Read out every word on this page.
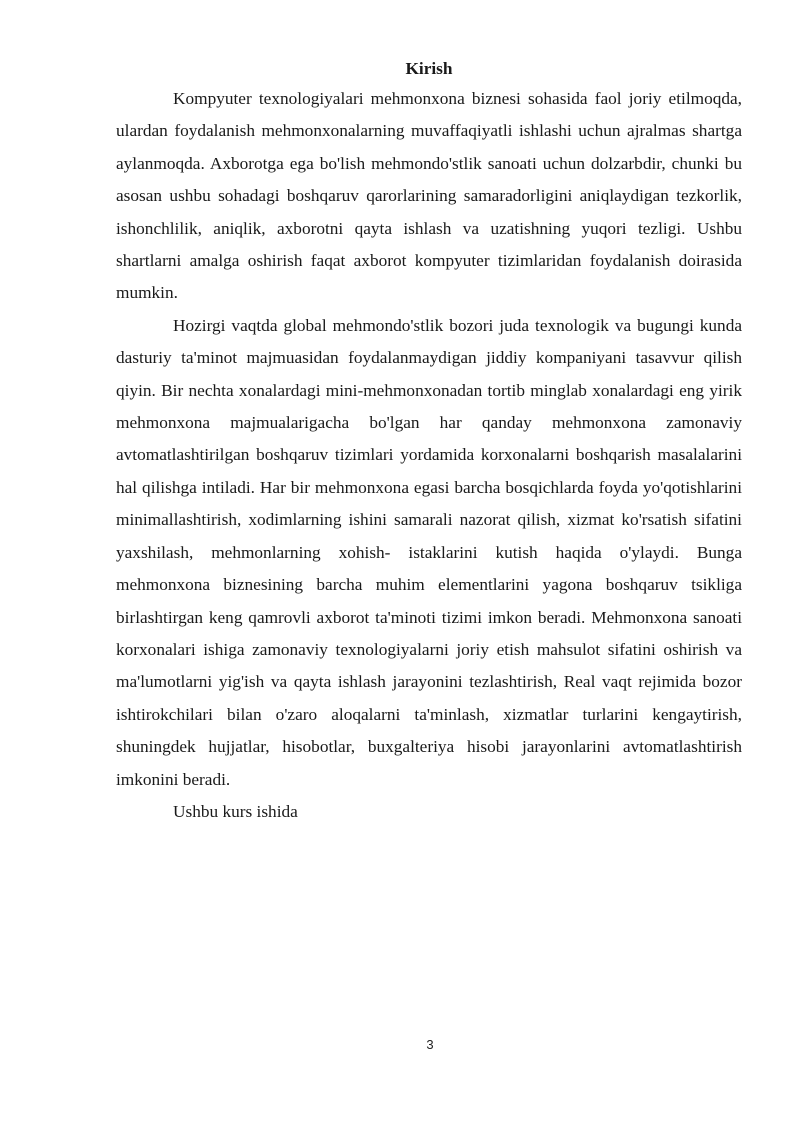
Kirish

Kompyuter texnologiyalari mehmonxona biznesi sohasida faol joriy etilmoqda, ulardan foydalanish mehmonxonalarning muvaffaqiyatli ishlashi uchun ajralmas shartga aylanmoqda. Axborotga ega bo'lish mehmondo'stlik sanoati uchun dolzarbdir, chunki bu asosan ushbu sohadagi boshqaruv qarorlarining samaradorligini aniqlaydigan tezkorlik, ishonchlilik, aniqlik, axborotni qayta ishlash va uzatishning yuqori tezligi. Ushbu shartlarni amalga oshirish faqat axborot kompyuter tizimlaridan foydalanish doirasida mumkin.

Hozirgi vaqtda global mehmondo'stlik bozori juda texnologik va bugungi kunda dasturiy ta'minot majmuasidan foydalanmaydigan jiddiy kompaniyani tasavvur qilish qiyin. Bir nechta xonalardagi mini-mehmonxonadan tortib minglab xonalardagi eng yirik mehmonxona majmualarigacha bo'lgan har qanday mehmonxona zamonaviy avtomatlashtirilgan boshqaruv tizimlari yordamida korxonalarni boshqarish masalalarini hal qilishga intiladi. Har bir mehmonxona egasi barcha bosqichlarda foyda yo'qotishlarini minimallashtirish, xodimlarning ishini samarali nazorat qilish, xizmat ko'rsatish sifatini yaxshilash, mehmonlarning xohish- istaklarini kutish haqida o'ylaydi. Bunga mehmonxona biznesining barcha muhim elementlarini yagona boshqaruv tsikliga birlashtirgan keng qamrovli axborot ta'minoti tizimi imkon beradi. Mehmonxona sanoati korxonalari ishiga zamonaviy texnologiyalarni joriy etish mahsulot sifatini oshirish va ma'lumotlarni yig'ish va qayta ishlash jarayonini tezlashtirish, Real vaqt rejimida bozor ishtirokchilari bilan o'zaro aloqalarni ta'minlash, xizmatlar turlarini kengaytirish, shuningdek hujjatlar, hisobotlar, buxgalteriya hisobi jarayonlarini avtomatlashtirish imkonini beradi.

Ushbu kurs ishida

3
